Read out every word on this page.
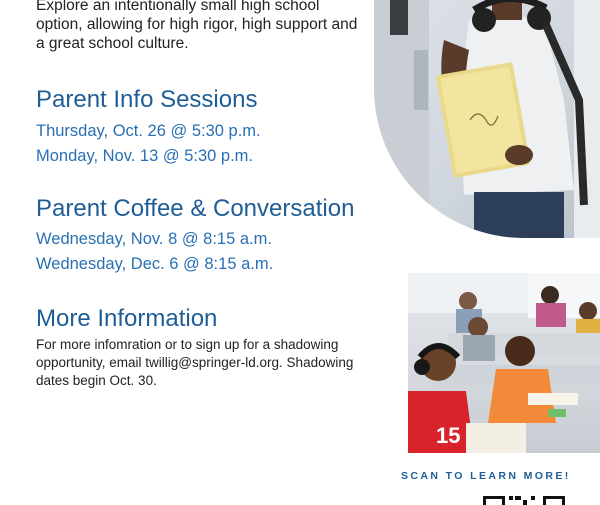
Explore an intentionally small high school option, allowing for high rigor, high support and a great school culture.
Parent Info Sessions
Thursday, Oct. 26 @ 5:30 p.m.
Monday, Nov. 13 @ 5:30 p.m.
Parent Coffee & Conversation
Wednesday, Nov. 8 @ 8:15 a.m.
Wednesday, Dec. 6 @ 8:15 a.m.
More Information
For more infomration or to sign up for a shadowing opportunity, email twillig@springer-ld.org. Shadowing dates begin Oct. 30.
15
SCAN TO LEARN MORE!
